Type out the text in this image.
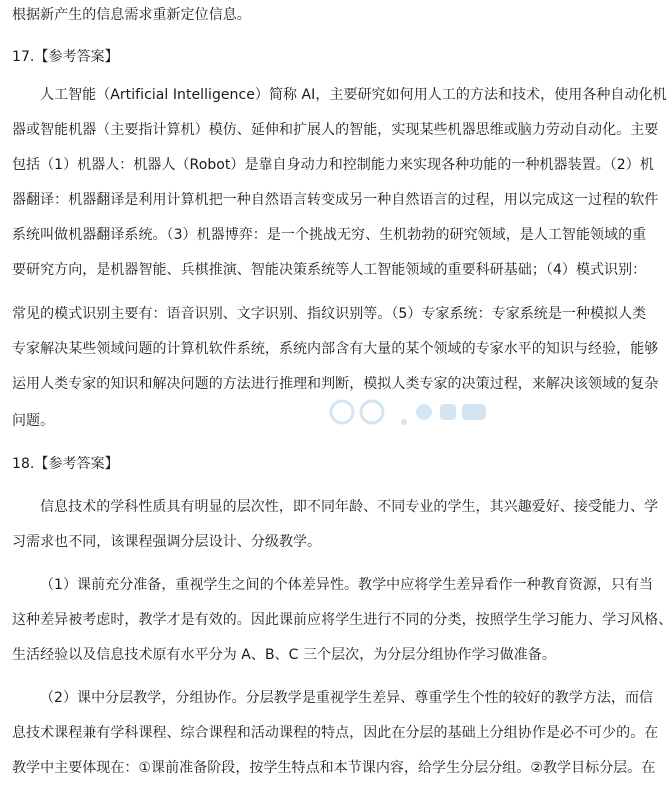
根据新产生的信息需求重新定位信息。
17.【参考答案】
人工智能（Artificial Intelligence）简称 AI，主要研究如何用人工的方法和技术，使用各种自动化机
器或智能机器（主要指计算机）模仿、延伸和扩展人的智能，实现某些机器思维或脑力劳动自动化。主要
包括（1）机器人：机器人（Robot）是靠自身动力和控制能力来实现各种功能的一种机器装置。（2）机
器翻译：机器翻译是利用计算机把一种自然语言转变成另一种自然语言的过程，用以完成这一过程的软件
系统叫做机器翻译系统。（3）机器博弈：是一个挑战无穷、生机勃勃的研究领域，是人工智能领域的重
要研究方向，是机器智能、兵棋推演、智能决策系统等人工智能领域的重要科研基础；（4）模式识别：
常见的模式识别主要有：语音识别、文字识别、指纹识别等。（5）专家系统：专家系统是一种模拟人类
专家解决某些领域问题的计算机软件系统，系统内部含有大量的某个领域的专家水平的知识与经验，能够
运用人类专家的知识和解决问题的方法进行推理和判断，模拟人类专家的决策过程，来解决该领域的复杂
问题。
18.【参考答案】
信息技术的学科性质具有明显的层次性，即不同年龄、不同专业的学生，其兴趣爱好、接受能力、学
习需求也不同，该课程强调分层设计、分级教学。
（1）课前充分准备，重视学生之间的个体差异性。教学中应将学生差异看作一种教育资源，只有当
这种差异被考虑时，教学才是有效的。因此课前应将学生进行不同的分类，按照学生学习能力、学习风格、
生活经验以及信息技术原有水平分为 A、B、C 三个层次，为分层分组协作学习做准备。
（2）课中分层教学，分组协作。分层教学是重视学生差异、尊重学生个性的较好的教学方法，而信
息技术课程兼有学科课程、综合课程和活动课程的特点，因此在分层的基础上分组协作是必不可少的。在
教学中主要体现在：①课前准备阶段，按学生特点和本节课内容，给学生分层分组。②教学目标分层。在
